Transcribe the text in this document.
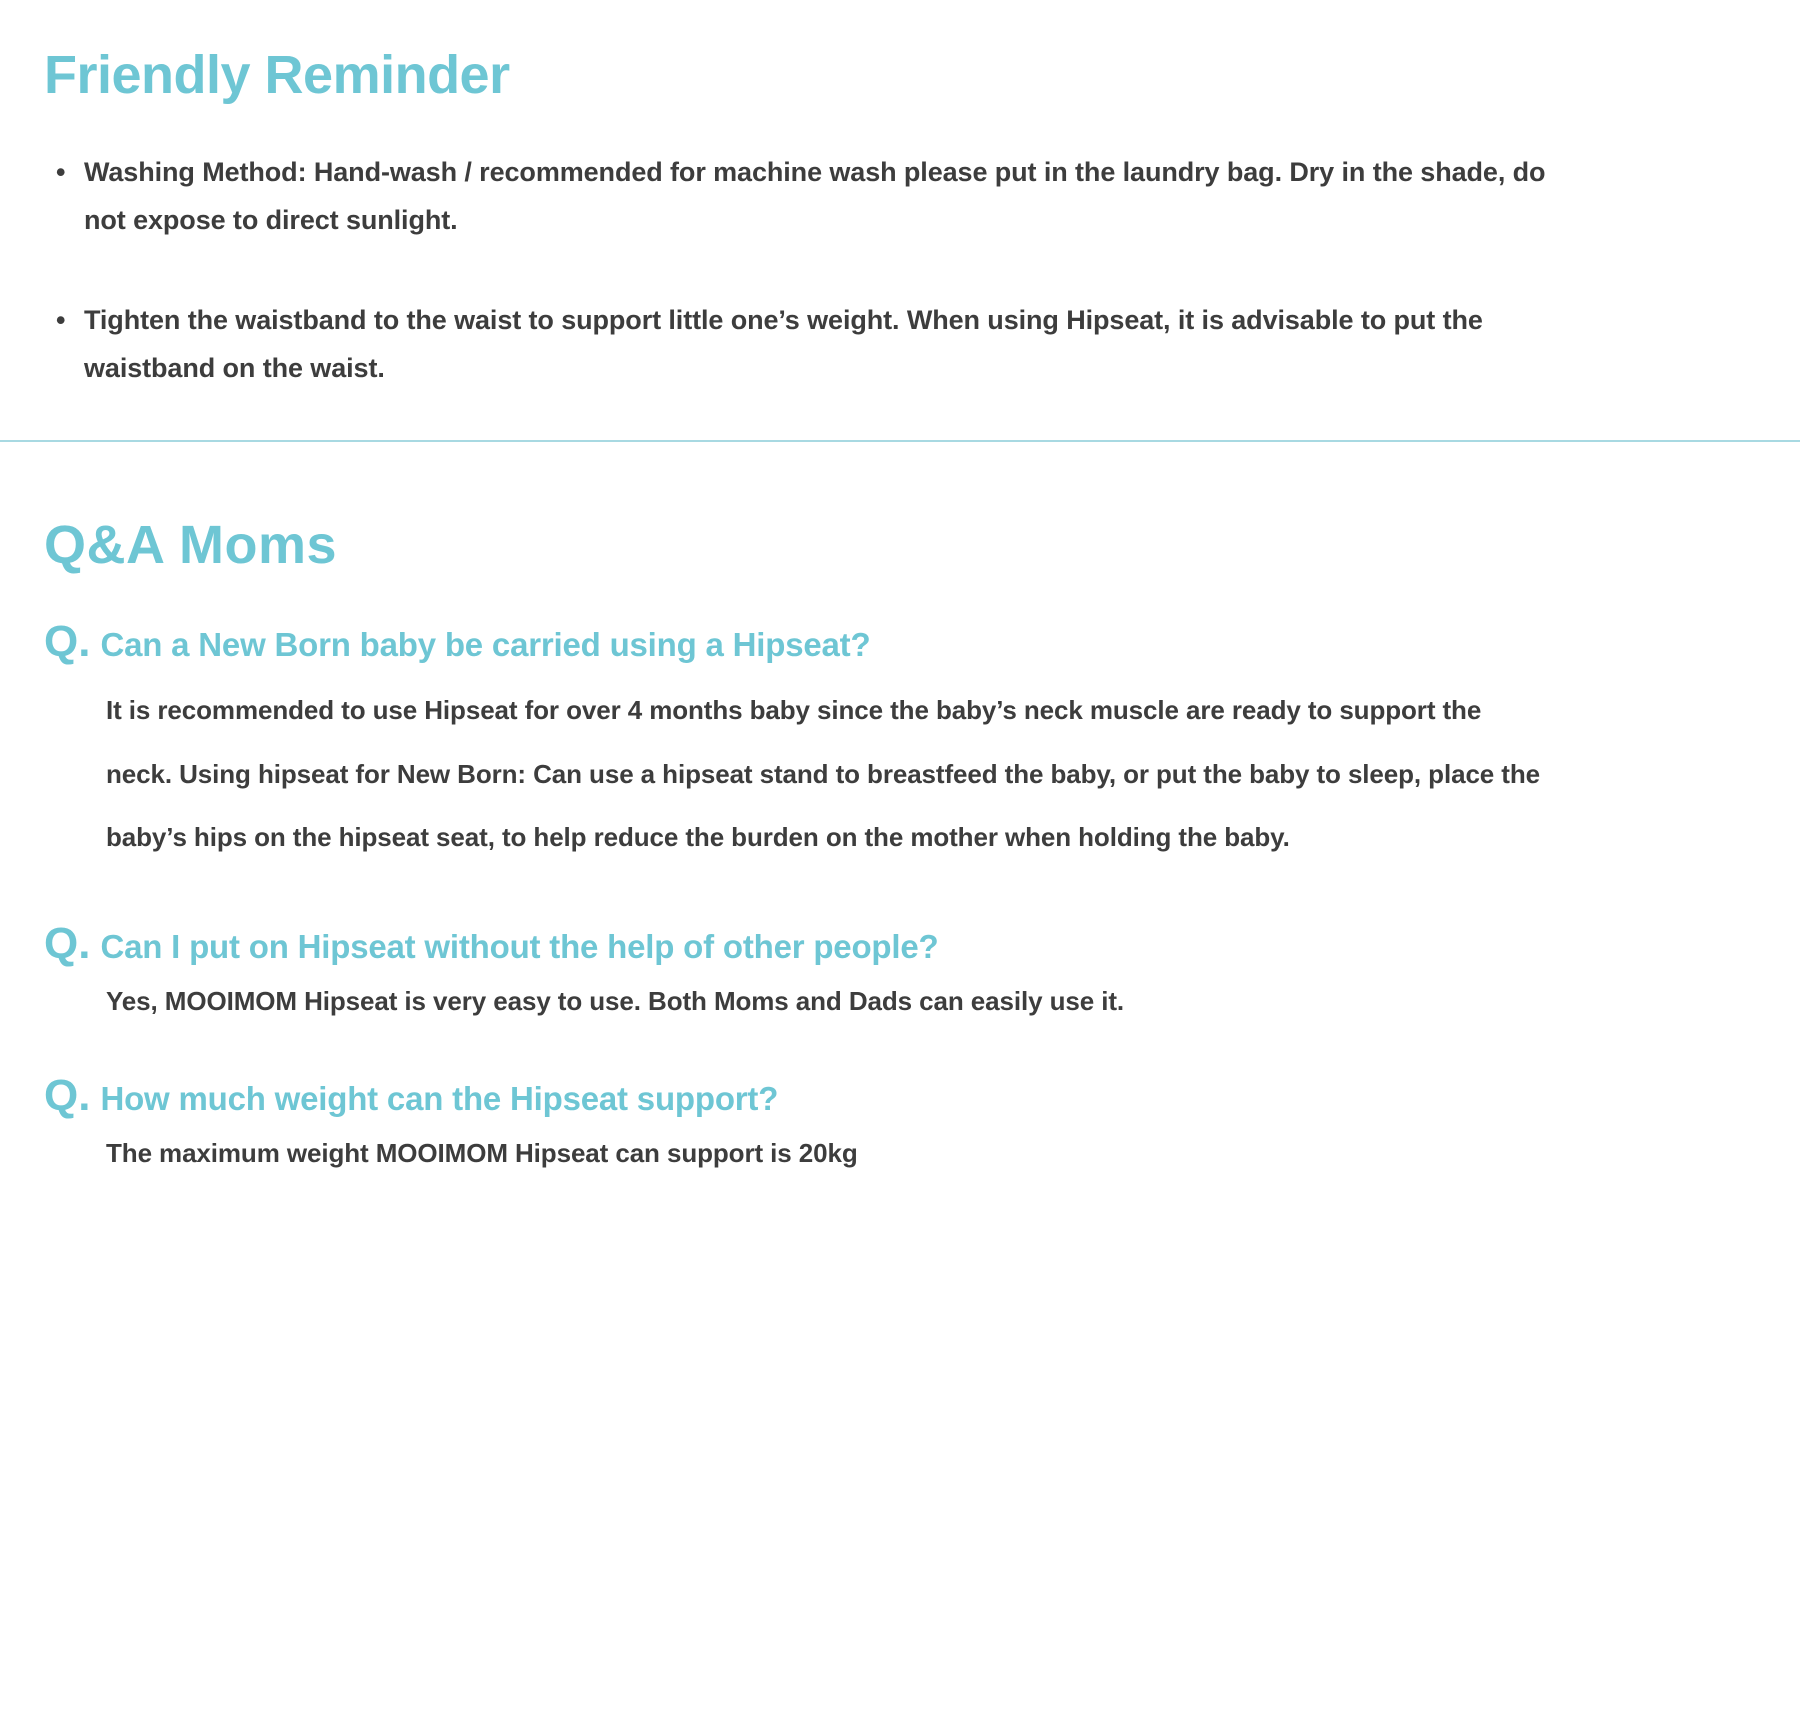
Friendly Reminder
• Washing Method: Hand-wash / recommended for machine wash please put in the laundry bag. Dry in the shade, do not expose to direct sunlight.
• Tighten the waistband to the waist to support little one’s weight. When using Hipseat, it is advisable to put the waistband on the waist.
Q&A Moms
Q. Can a New Born baby be carried using a Hipseat?

It is recommended to use Hipseat for over 4 months baby since the baby’s neck muscle are ready to support the neck. Using hipseat for New Born: Can use a hipseat stand to breastfeed the baby, or put the baby to sleep, place the baby’s hips on the hipseat seat, to help reduce the burden on the mother when holding the baby.

Q. Can I put on Hipseat without the help of other people?

Yes, MOOIMOM Hipseat is very easy to use. Both Moms and Dads can easily use it.

Q. How much weight can the Hipseat support?

The maximum weight MOOIMOM Hipseat can support is 20kg
